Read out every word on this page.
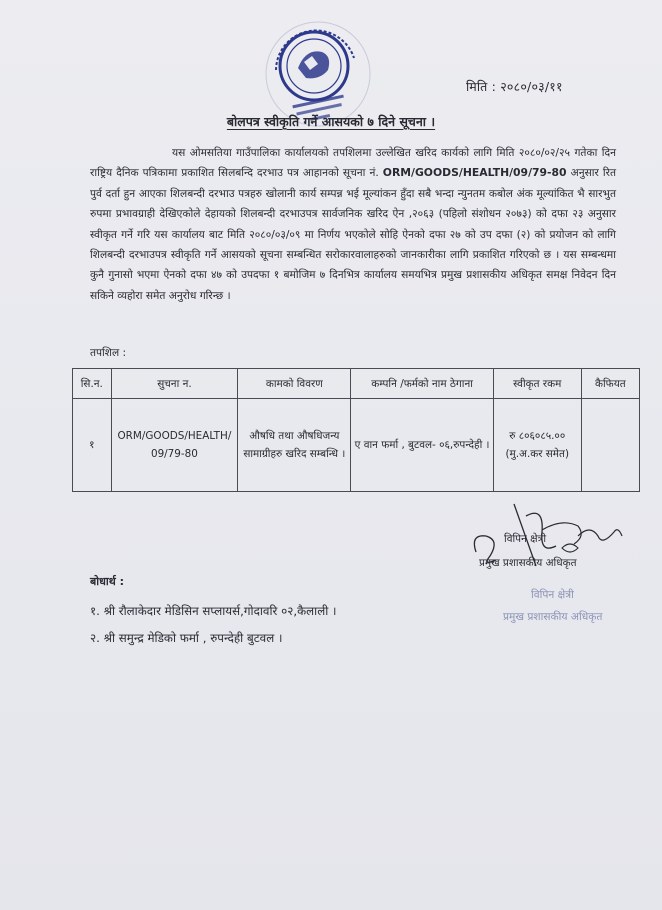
मिति : २०८०/०३/११
बोलपत्र स्वीकृति गर्ने आसयको ७ दिने सूचना ।

यस ओमसतिया गाउँपालिका कार्यालयको तपशिलमा उल्लेखित खरिद कार्यको लागि मिति २०८०/०२/२५ गतेका दिन राष्ट्रिय दैनिक पत्रिकामा प्रकाशित सिलबन्दि दरभाउ पत्र आहानको सूचना नं. ORM/GOODS/HEALTH/09/79-80 अनुसार रित पुर्व दर्ता हुन आएका शिलबन्दी दरभाउ पत्रहरु खोलानी कार्य सम्पन्न भई मूल्यांकन हुँदा सबै भन्दा न्युनतम कबोल अंक मूल्यांकित भै सारभुत रुपमा प्रभावग्राही देखिएकोले देहायको शिलबन्दी दरभाउपत्र सार्वजनिक खरिद ऐन ,२०६३ (पहिलो संशोधन २०७३) को दफा २३ अनुसार स्वीकृत गर्ने गरि यस कार्यालय बाट मिति २०८०/०३/०९ मा निर्णय भएकोले सोहि ऐनको दफा २७ को उप दफा (२) को प्रयोजन को लागि शिलबन्दी दरभाउपत्र स्वीकृति गर्ने आसयको सूचना सम्बन्धित सरोकारवालाहरुको जानकारीका लागि प्रकाशित गरिएको छ । यस सम्बन्धमा कुनै गुनासो भएमा ऐनको दफा ४७ को उपदफा १ बमोजिम ७ दिनभित्र कार्यालय समयभित्र प्रमुख प्रशासकीय अधिकृत समक्ष निवेदन दिन सकिने व्यहोरा समेत अनुरोध गरिन्छ ।

तपशिल :
सि.न.	सुचना न.	कामको विवरण	कम्पनि /फर्मको नाम ठेगाना	स्वीकृत रकम	कैफियत
१	ORM/GOODS/HEALTH/ 09/79-80	औषधि तथा औषधिजन्य सामाग्रीहरु खरिद सम्बन्धि ।	ए वान फर्मा , बुटवल- ०६,रुपन्देही ।	रु ८०६०८५.००
(मु.अ.कर समेत)	

विपिन क्षेत्री
प्रमुख प्रशासकीय अधिकृत
विपिन क्षेत्री
प्रमुख प्रशासकीय अधिकृत
बोधार्थ :
१. श्री रौलाकेदार मेडिसिन सप्लायर्स,गोदावरि ०२,कैलाली ।
२. श्री समुन्द्र मेडिको फर्मा , रुपन्देही बुटवल ।
